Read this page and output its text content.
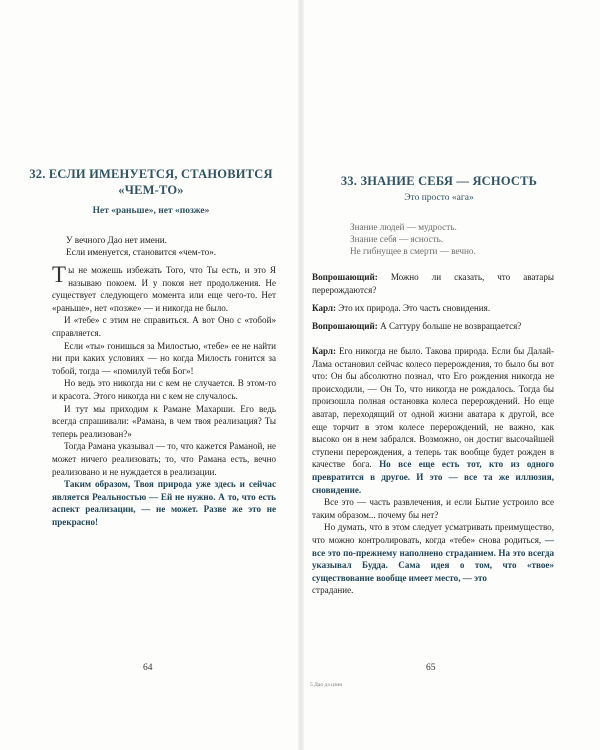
32. ЕСЛИ ИМЕНУЕТСЯ, СТАНОВИТСЯ
«ЧЕМ-ТО»
Нет «раньше», нет «позже»
У вечного Дао нет имени.
Если именуется, становится «чем-то».

Ты не можешь избежать Того, что Ты есть, и это Я называю покоем. И у покоя нет продолжения. Не существует следующего момента или еще чего-то. Нет «раньше», нет «позже» — и никогда не было.

И «тебе» с этим не справиться. А вот Оно с «тобой» справляется.

Если «ты» гонишься за Милостью, «тебе» ее не найти ни при каких условиях — но когда Милость гонится за тобой, тогда — «помилуй тебя Бог»!

Но ведь это никогда ни с кем не случается. В этом-то и красота. Этого никогда ни с кем не случалось.

И тут мы приходим к Рамане Махарши. Его ведь всегда спрашивали: «Рамана, в чем твоя реализация? Ты теперь реализован?»

Тогда Рамана указывал — то, что кажется Раманой, не может ничего реализовать; то, что Рамана есть, вечно реализовано и не нуждается в реализации.

Таким образом, Твоя природа уже здесь и сейчас является Реальностью — Ей не нужно. А то, что есть аспект реализации, — не может. Разве же это не прекрасно!

64
33. ЗНАНИЕ СЕБЯ — ЯСНОСТЬ
Это просто «ага»
Знание людей — мудрость.
Знание себя — ясность.
Не гибнущее в смерти — вечно.

Вопрошающий: Можно ли сказать, что аватары перерождаются?

Карл: Это их природа. Это часть сновидения.

Вопрошающий: А Саттуру больше не возвращается?

Карл: Его никогда не было. Такова природа. Если бы Далай-Лама остановил сейчас колесо перерождения, то было бы вот что: Он бы абсолютно познал, что Его рождения никогда не происходили, — Он То, что никогда не рождалось. Тогда бы произошла полная остановка колеса перерождений. Но еще аватар, переходящий от одной жизни аватара к другой, все еще торчит в этом колесе перерождений, не важно, как высоко он в нем забрался. Возможно, он достиг высочайшей ступени перерождения, а теперь так вообще будет рожден в качестве бога. Но все еще есть тот, кто из одного превратится в другое. И это — все та же иллюзия, сновидение.

Все это — часть развлечения, и если Бытие устроило все таким образом... почему бы нет?

Но думать, что в этом следует усматривать преимущество, что можно контролировать, когда «тебе» снова родиться, — все это по-прежнему наполнено страданием. На это всегда указывал Будда. Сама идея о том, что «твое» существование вообще имеет место, — это

страдание.

65
5 Дао дэ цзин
